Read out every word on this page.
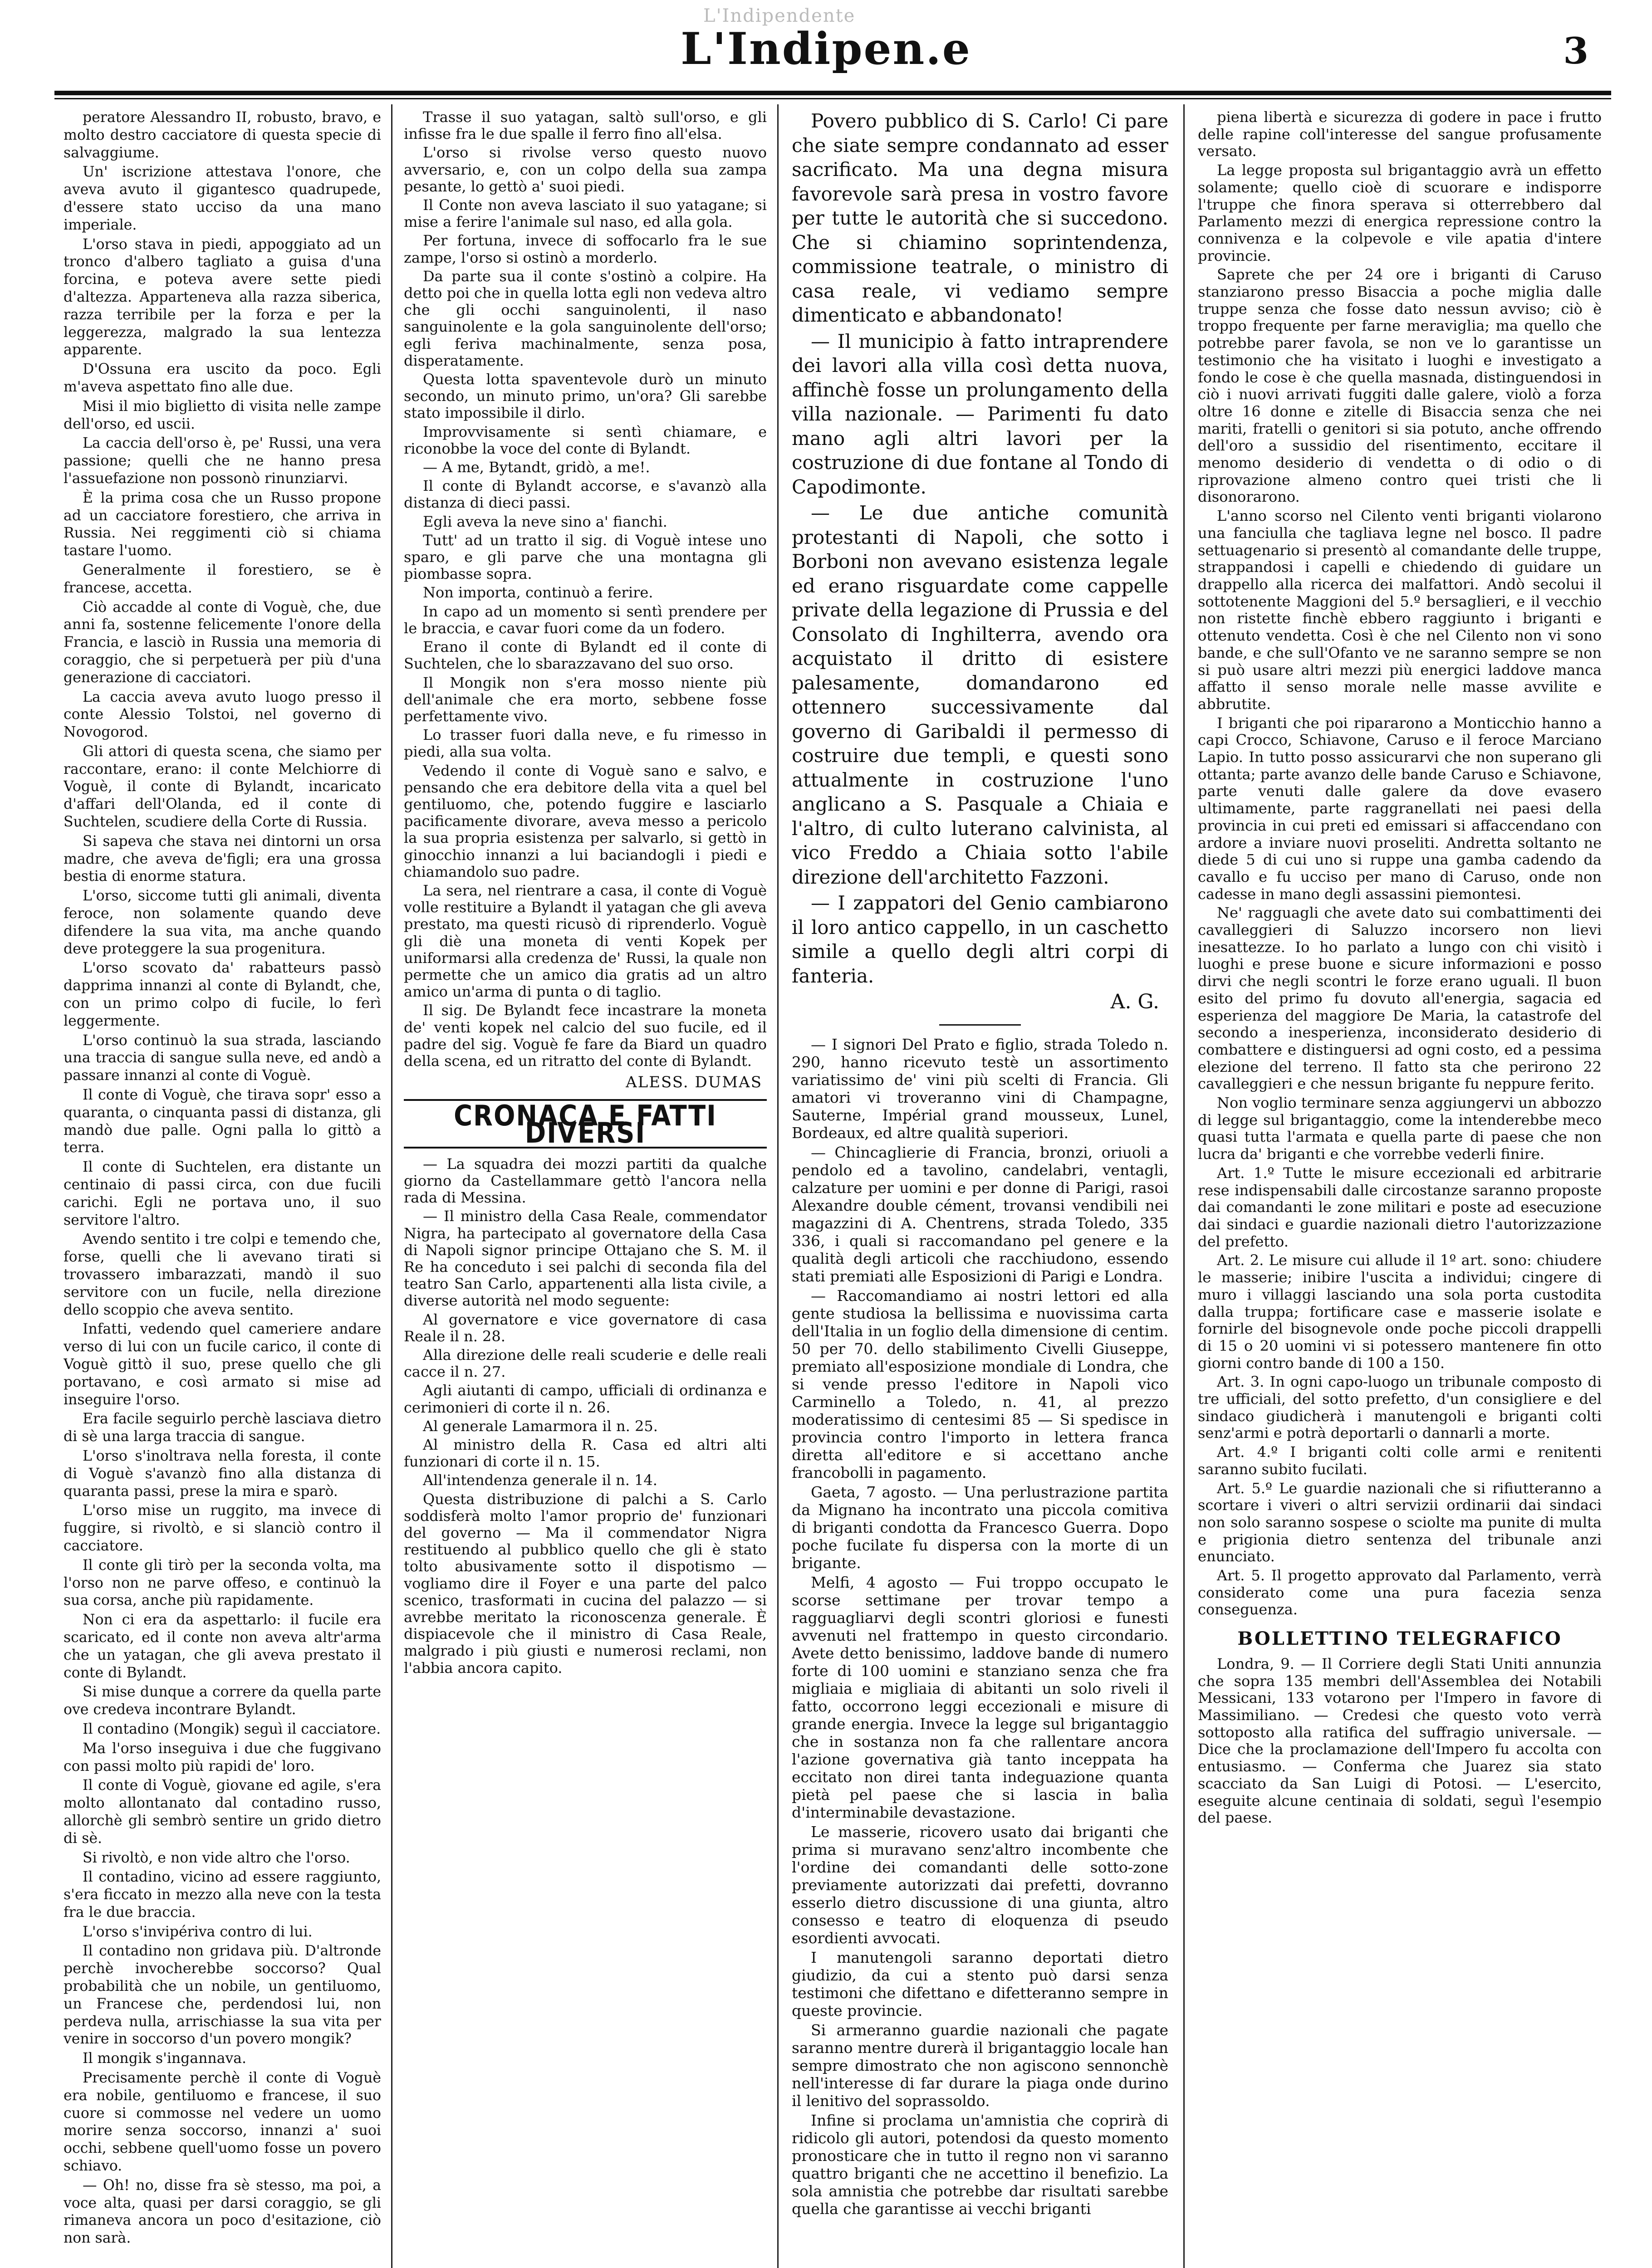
L'Indipendente
L'Indipen.e	3

peratore Alessandro II, robusto, bravo, e molto destro cacciatore di questa specie di salvaggiume.

Un' iscrizione attestava l'onore, che aveva avuto il gigantesco quadrupede, d'essere stato ucciso da una mano imperiale.

L'orso stava in piedi, appoggiato ad un tronco d'albero tagliato a guisa d'una forcina, e poteva avere sette piedi d'altezza. Apparteneva alla razza siberica, razza terribile per la forza e per la leggerezza, malgrado la sua lentezza apparente.

D'Ossuna era uscito da poco. Egli m'aveva aspettato fino alle due.

Misi il mio biglietto di visita nelle zampe dell'orso, ed uscii.

La caccia dell'orso è, pe' Russi, una vera passione; quelli che ne hanno presa l'assuefazione non possonò rinunziarvi.

È la prima cosa che un Russo propone ad un cacciatore forestiero, che arriva in Russia. Nei reggimenti ciò si chiama tastare l'uomo.

Generalmente il forestiero, se è francese, accetta.

Ciò accadde al conte di Voguè, che, due anni fa, sostenne felicemente l'onore della Francia, e lasciò in Russia una memoria di coraggio, che si perpetuerà per più d'una generazione di cacciatori.

La caccia aveva avuto luogo presso il conte Alessio Tolstoi, nel governo di Novogorod.

Gli attori di questa scena, che siamo per raccontare, erano: il conte Melchiorre di Voguè, il conte di Bylandt, incaricato d'affari dell'Olanda, ed il conte di Suchtelen, scudiere della Corte di Russia.

Si sapeva che stava nei dintorni un orsa madre, che aveva de'figli; era una grossa bestia di enorme statura.

L'orso, siccome tutti gli animali, diventa feroce, non solamente quando deve difendere la sua vita, ma anche quando deve proteggere la sua progenitura.

L'orso scovato da' rabatteurs passò dapprima innanzi al conte di Bylandt, che, con un primo colpo di fucile, lo ferì leggermente.

L'orso continuò la sua strada, lasciando una traccia di sangue sulla neve, ed andò a passare innanzi al conte di Voguè.

Il conte di Voguè, che tirava sopr' esso a quaranta, o cinquanta passi di distanza, gli mandò due palle. Ogni palla lo gittò a terra.

Il conte di Suchtelen, era distante un centinaio di passi circa, con due fucili carichi. Egli ne portava uno, il suo servitore l'altro.

Avendo sentito i tre colpi e temendo che, forse, quelli che li avevano tirati si trovassero imbarazzati, mandò il suo servitore con un fucile, nella direzione dello scoppio che aveva sentito.

Infatti, vedendo quel cameriere andare verso di lui con un fucile carico, il conte di Voguè gittò il suo, prese quello che gli portavano, e così armato si mise ad inseguire l'orso.

Era facile seguirlo perchè lasciava dietro di sè una larga traccia di sangue.

L'orso s'inoltrava nella foresta, il conte di Voguè s'avanzò fino alla distanza di quaranta passi, prese la mira e sparò.

L'orso mise un ruggito, ma invece di fuggire, si rivoltò, e si slanciò contro il cacciatore.

Il conte gli tirò per la seconda volta, ma l'orso non ne parve offeso, e continuò la sua corsa, anche più rapidamente.

Non ci era da aspettarlo: il fucile era scaricato, ed il conte non aveva altr'arma che un yatagan, che gli aveva prestato il conte di Bylandt.

Si mise dunque a correre da quella parte ove credeva incontrare Bylandt.

Il contadino (Mongik) seguì il cacciatore.

Ma l'orso inseguiva i due che fuggivano con passi molto più rapidi de' loro.

Il conte di Voguè, giovane ed agile, s'era molto allontanato dal contadino russo, allorchè gli sembrò sentire un grido dietro di sè.

Si rivoltò, e non vide altro che l'orso.

Il contadino, vicino ad essere raggiunto, s'era ficcato in mezzo alla neve con la testa fra le due braccia.

L'orso s'invipériva contro di lui.

Il contadino non gridava più. D'altronde perchè invocherebbe soccorso? Qual probabilità che un nobile, un gentiluomo, un Francese che, perdendosi lui, non perdeva nulla, arrischiasse la sua vita per venire in soccorso d'un povero mongik?

Il mongik s'ingannava.

Precisamente perchè il conte di Voguè era nobile, gentiluomo e francese, il suo cuore si commosse nel vedere un uomo morire senza soccorso, innanzi a' suoi occhi, sebbene quell'uomo fosse un povero schiavo.

— Oh! no, disse fra sè stesso, ma poi, a voce alta, quasi per darsi coraggio, se gli rimaneva ancora un poco d'esitazione, ciò non sarà.

Trasse il suo yatagan, saltò sull'orso, e gli infisse fra le due spalle il ferro fino all'elsa.

L'orso si rivolse verso questo nuovo avversario, e, con un colpo della sua zampa pesante, lo gettò a' suoi piedi.

Il Conte non aveva lasciato il suo yatagane; si mise a ferire l'animale sul naso, ed alla gola.

Per fortuna, invece di soffocarlo fra le sue zampe, l'orso si ostinò a morderlo.

Da parte sua il conte s'ostinò a colpire. Ha detto poi che in quella lotta egli non vedeva altro che gli occhi sanguinolenti, il naso sanguinolente e la gola sanguinolente dell'orso; egli feriva machinalmente, senza posa, disperatamente.

Questa lotta spaventevole durò un minuto secondo, un minuto primo, un'ora? Gli sarebbe stato impossibile il dirlo.

Improvvisamente si sentì chiamare, e riconobbe la voce del conte di Bylandt.

— A me, Bytandt, gridò, a me!.

Il conte di Bylandt accorse, e s'avanzò alla distanza di dieci passi.

Egli aveva la neve sino a' fianchi.

Tutt' ad un tratto il sig. di Voguè intese uno sparo, e gli parve che una montagna gli piombasse sopra.

Non importa, continuò a ferire.

In capo ad un momento si sentì prendere per le braccia, e cavar fuori come da un fodero.

Erano il conte di Bylandt ed il conte di Suchtelen, che lo sbarazzavano del suo orso.

Il Mongik non s'era mosso niente più dell'animale che era morto, sebbene fosse perfettamente vivo.

Lo trasser fuori dalla neve, e fu rimesso in piedi, alla sua volta.

Vedendo il conte di Voguè sano e salvo, e pensando che era debitore della vita a quel bel gentiluomo, che, potendo fuggire e lasciarlo pacificamente divorare, aveva messo a pericolo la sua propria esistenza per salvarlo, si gettò in ginocchio innanzi a lui baciandogli i piedi e chiamandolo suo padre.

La sera, nel rientrare a casa, il conte di Voguè volle restituire a Bylandt il yatagan che gli aveva prestato, ma questi ricusò di riprenderlo. Voguè gli diè una moneta di venti Kopek per uniformarsi alla credenza de' Russi, la quale non permette che un amico dia gratis ad un altro amico un'arma di punta o di taglio.

Il sig. De Bylandt fece incastrare la moneta de' venti kopek nel calcio del suo fucile, ed il padre del sig. Voguè fe fare da Biard un quadro della scena, ed un ritratto del conte di Bylandt.

ALESS. DUMAS
CRONACA E FATTI DIVERSI

— La squadra dei mozzi partiti da qualche giorno da Castellammare gettò l'ancora nella rada di Messina.

— Il ministro della Casa Reale, commendator Nigra, ha partecipato al governatore della Casa di Napoli signor principe Ottajano che S. M. il Re ha conceduto i sei palchi di seconda fila del teatro San Carlo, appartenenti alla lista civile, a diverse autorità nel modo seguente:

Al governatore e vice governatore di casa Reale il n. 28.

Alla direzione delle reali scuderie e delle reali cacce il n. 27.

Agli aiutanti di campo, ufficiali di ordinanza e cerimonieri di corte il n. 26.

Al generale Lamarmora il n. 25.

Al ministro della R. Casa ed altri alti funzionari di corte il n. 15.

All'intendenza generale il n. 14.

Questa distribuzione di palchi a S. Carlo soddisferà molto l'amor proprio de' funzionari del governo — Ma il commendator Nigra restituendo al pubblico quello che gli è stato tolto abusivamente sotto il dispotismo — vogliamo dire il Foyer e una parte del palco scenico, trasformati in cucina del palazzo — si avrebbe meritato la riconoscenza generale. È dispiacevole che il ministro di Casa Reale, malgrado i più giusti e numerosi reclami, non l'abbia ancora capito.

Povero pubblico di S. Carlo! Ci pare che siate sempre condannato ad esser sacrificato. Ma una degna misura favorevole sarà presa in vostro favore per tutte le autorità che si succedono. Che si chiamino soprintendenza, commissione teatrale, o ministro di casa reale, vi vediamo sempre dimenticato e abbandonato!

— Il municipio à fatto intraprendere dei lavori alla villa così detta nuova, affinchè fosse un prolungamento della villa nazionale. — Parimenti fu dato mano agli altri lavori per la costruzione di due fontane al Tondo di Capodimonte.

— Le due antiche comunità protestanti di Napoli, che sotto i Borboni non avevano esistenza legale ed erano risguardate come cappelle private della legazione di Prussia e del Consolato di Inghilterra, avendo ora acquistato il dritto di esistere palesamente, domandarono ed ottennero successivamente dal governo di Garibaldi il permesso di costruire due templi, e questi sono attualmente in costruzione l'uno anglicano a S. Pasquale a Chiaia e l'altro, di culto luterano calvinista, al vico Freddo a Chiaia sotto l'abile direzione dell'architetto Fazzoni.

— I zappatori del Genio cambiarono il loro antico cappello, in un caschetto simile a quello degli altri corpi di fanteria.

A. G.

— I signori Del Prato e figlio, strada Toledo n. 290, hanno ricevuto testè un assortimento variatissimo de' vini più scelti di Francia. Gli amatori vi troveranno vini di Champagne, Sauterne, Impérial grand mousseux, Lunel, Bordeaux, ed altre qualità superiori.

— Chincaglierie di Francia, bronzi, oriuoli a pendolo ed a tavolino, candelabri, ventagli, calzature per uomini e per donne di Parigi, rasoi Alexandre double cément, trovansi vendibili nei magazzini di A. Chentrens, strada Toledo, 335 336, i quali si raccomandano pel genere e la qualità degli articoli che racchiudono, essendo stati premiati alle Esposizioni di Parigi e Londra.

— Raccomandiamo ai nostri lettori ed alla gente studiosa la bellissima e nuovissima carta dell'Italia in un foglio della dimensione di centim. 50 per 70. dello stabilimento Civelli Giuseppe, premiato all'esposizione mondiale di Londra, che si vende presso l'editore in Napoli vico Carminello a Toledo, n. 41, al prezzo moderatissimo di centesimi 85 — Si spedisce in provincia contro l'importo in lettera franca diretta all'editore e si accettano anche francobolli in pagamento.

Gaeta, 7 agosto. — Una perlustrazione partita da Mignano ha incontrato una piccola comitiva di briganti condotta da Francesco Guerra. Dopo poche fucilate fu dispersa con la morte di un brigante.

Melfi, 4 agosto — Fui troppo occupato le scorse settimane per trovar tempo a ragguagliarvi degli scontri gloriosi e funesti avvenuti nel frattempo in questo circondario. Avete detto benissimo, laddove bande di numero forte di 100 uomini e stanziano senza che fra migliaia e migliaia di abitanti un solo riveli il fatto, occorrono leggi eccezionali e misure di grande energia. Invece la legge sul brigantaggio che in sostanza non fa che rallentare ancora l'azione governativa già tanto inceppata ha eccitato non direi tanta indeguazione quanta pietà pel paese che si lascia in balìa d'interminabile devastazione.

Le masserie, ricovero usato dai briganti che prima si muravano senz'altro incombente che l'ordine dei comandanti delle sotto-zone previamente autorizzati dai prefetti, dovranno esserlo dietro discussione di una giunta, altro consesso e teatro di eloquenza di pseudo esordienti avvocati.

I manutengoli saranno deportati dietro giudizio, da cui a stento può darsi senza testimoni che difettano e difetteranno sempre in queste provincie.

Si armeranno guardie nazionali che pagate saranno mentre durerà il brigantaggio locale han sempre dimostrato che non agiscono sennonchè nell'interesse di far durare la piaga onde durino il lenitivo del soprassoldo.

Infine si proclama un'amnistia che coprirà di ridicolo gli autori, potendosi da questo momento pronosticare che in tutto il regno non vi saranno quattro briganti che ne accettino il benefizio. La sola amnistia che potrebbe dar risultati sarebbe quella che garantisse ai vecchi briganti

piena libertà e sicurezza di godere in pace i frutto delle rapine coll'interesse del sangue profusamente versato.

La legge proposta sul brigantaggio avrà un effetto solamente; quello cioè di scuorare e indisporre l'truppe che finora sperava si otterrebbero dal Parlamento mezzi di energica repressione contro la connivenza e la colpevole e vile apatia d'intere provincie.

Saprete che per 24 ore i briganti di Caruso stanziarono presso Bisaccia a poche miglia dalle truppe senza che fosse dato nessun avviso; ciò è troppo frequente per farne meraviglia; ma quello che potrebbe parer favola, se non ve lo garantisse un testimonio che ha visitato i luoghi e investigato a fondo le cose è che quella masnada, distinguendosi in ciò i nuovi arrivati fuggiti dalle galere, violò a forza oltre 16 donne e zitelle di Bisaccia senza che nei mariti, fratelli o genitori si sia potuto, anche offrendo dell'oro a sussidio del risentimento, eccitare il menomo desiderio di vendetta o di odio o di riprovazione almeno contro quei tristi che li disonorarono.

L'anno scorso nel Cilento venti briganti violarono una fanciulla che tagliava legne nel bosco. Il padre settuagenario si presentò al comandante delle truppe, strappandosi i capelli e chiedendo di guidare un drappello alla ricerca dei malfattori. Andò secolui il sottotenente Maggioni del 5.º bersaglieri, e il vecchio non ristette finchè ebbero raggiunto i briganti e ottenuto vendetta. Così è che nel Cilento non vi sono bande, e che sull'Ofanto ve ne saranno sempre se non si può usare altri mezzi più energici laddove manca affatto il senso morale nelle masse avvilite e abbrutite.

I briganti che poi ripararono a Monticchio hanno a capi Crocco, Schiavone, Caruso e il feroce Marciano Lapio. In tutto posso assicurarvi che non superano gli ottanta; parte avanzo delle bande Caruso e Schiavone, parte venuti dalle galere da dove evasero ultimamente, parte raggranellati nei paesi della provincia in cui preti ed emissari si affaccendano con ardore a inviare nuovi proseliti. Andretta soltanto ne diede 5 di cui uno si ruppe una gamba cadendo da cavallo e fu ucciso per mano di Caruso, onde non cadesse in mano degli assassini piemontesi.

Ne' ragguagli che avete dato sui combattimenti dei cavalleggieri di Saluzzo incorsero non lievi inesattezze. Io ho parlato a lungo con chi visitò i luoghi e prese buone e sicure informazioni e posso dirvi che negli scontri le forze erano uguali. Il buon esito del primo fu dovuto all'energia, sagacia ed esperienza del maggiore De Maria, la catastrofe del secondo a inesperienza, inconsiderato desiderio di combattere e distinguersi ad ogni costo, ed a pessima elezione del terreno. Il fatto sta che perirono 22 cavalleggieri e che nessun brigante fu neppure ferito.

Non voglio terminare senza aggiungervi un abbozzo di legge sul brigantaggio, come la intenderebbe meco quasi tutta l'armata e quella parte di paese che non lucra da' briganti e che vorrebbe vederli finire.

Art. 1.º Tutte le misure eccezionali ed arbitrarie rese indispensabili dalle circostanze saranno proposte dai comandanti le zone militari e poste ad esecuzione dai sindaci e guardie nazionali dietro l'autorizzazione del prefetto.

Art. 2. Le misure cui allude il 1º art. sono: chiudere le masserie; inibire l'uscita a individui; cingere di muro i villaggi lasciando una sola porta custodita dalla truppa; fortificare case e masserie isolate e fornirle del bisognevole onde poche piccoli drappelli di 15 o 20 uomini vi si potessero mantenere fin otto giorni contro bande di 100 a 150.

Art. 3. In ogni capo-luogo un tribunale composto di tre ufficiali, del sotto prefetto, d'un consigliere e del sindaco giudicherà i manutengoli e briganti colti senz'armi e potrà deportarli o dannarli a morte.

Art. 4.º I briganti colti colle armi e renitenti saranno subito fucilati.

Art. 5.º Le guardie nazionali che si rifiutteranno a scortare i viveri o altri servizii ordinarii dai sindaci non solo saranno sospese o sciolte ma punite di multa e prigionia dietro sentenza del tribunale anzi enunciato.

Art. 5. Il progetto approvato dal Parlamento, verrà considerato come una pura facezia senza conseguenza.

BOLLETTINO TELEGRAFICO

Londra, 9. — Il Corriere degli Stati Uniti annunzia che sopra 135 membri dell'Assemblea dei Notabili Messicani, 133 votarono per l'Impero in favore di Massimiliano. — Credesi che questo voto verrà sottoposto alla ratifica del suffragio universale. — Dice che la proclamazione dell'Impero fu accolta con entusiasmo. — Conferma che Juarez sia stato scacciato da San Luigi di Potosi. — L'esercito, eseguite alcune centinaia di soldati, seguì l'esempio del paese.
